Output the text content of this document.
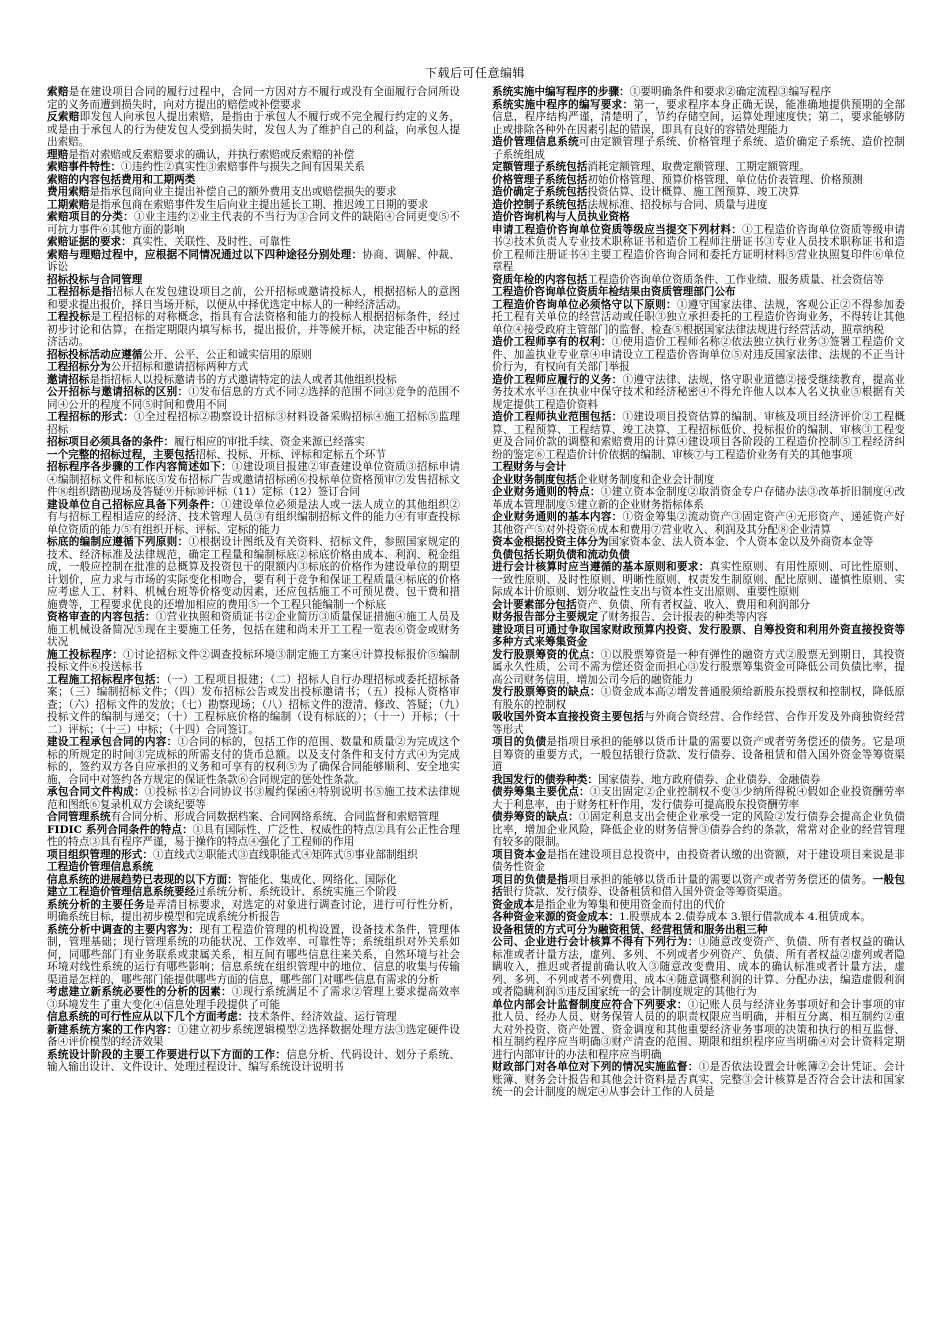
下载后可任意编辑

索赔是在建设项目合同的履行过程中，合同一方因对方不履行或没有全面履行合同所设定的义务而遭到损失时，向对方提出的赔偿或补偿要求

反索赔即发包人向承包人提出索赔，是指由于承包人不履行或不完全履行约定的义务，或是由于承包人的行为使发包人受到损失时，发包人为了维护自己的利益，向承包人提出索赔。

理赔是指对索赔或反索赔要求的确认，并执行索赔或反索赔的补偿

索赔事件特性：①违约性②真实性③索赔事件与损失之间有因果关系

索赔的内容包括费用和工期两类

费用索赔是指承包商向业主提出补偿自己的额外费用支出或赔偿损失的要求

工期索赔是指承包商在索赔事件发生后向业主提出延长工期、推迟竣工日期的要求

索赔项目的分类：①业主违约②业主代表的不当行为③合同文件的缺陷④合同更变⑤不可抗力事件⑥其他方面的影响

索赔证据的要求：真实性、关联性、及时性、可靠性

索赔与理赔过程中，应根据不同情况通过以下四种途径分别处理：协商、调解、仲裁、诉讼

招标投标与合同管理

工程招标是指招标人在发包建设项目之前，公开招标或邀请投标人，根据招标人的意图和要求提出报价，择日当场开标，以便从中择优选定中标人的一种经济活动。

工程投标是工程招标的对称概念，指具有合法资格和能力的投标人根据招标条件，经过初步讨论和估算，在指定期限内填写标书，提出报价，并等候开标，决定能否中标的经济活动。

招标投标活动应遵循公开、公平、公正和诚实信用的原则

工程招标分为公开招标和邀请招标两种方式

邀请招标是指招标人以投标邀请书的方式邀请特定的法人或者其他组织投标

公开招标与邀请招标的区别：①发布信息的方式不同②选择的范围不同③竞争的范围不同④公开的程度不同⑤时间和费用不同

工程招标的形式：①全过程招标②勘察设计招标③材料设备采购招标④施工招标⑤监理招标

招标项目必须具备的条件：履行相应的审批手续、资金来源已经落实

一个完整的招标过程，主要包括招标、投标、开标、评标和定标五个环节

招标程序各步骤的工作内容简述如下：①建设项目报建②审查建设单位资质③招标申请④编制招标文件和标底⑤发布招标广告或邀请招标函⑥投标单位资格预审⑦发售招标文件⑧组织踏勘现场及答疑⑨开标⑩评标（11）定标（12）签订合同

建设单位自己招标应具备下列条件：①建设单位必须是法人或一法人成立的其他组织②有与招标工程相适应的经济、技术管理人员③有组织编制招标文件的能力④有审查投标单位资质的能力⑤有组织开标、评标、定标的能力

标底的编制应遵循下列原则：①根据设计图纸及有关资料、招标文件，参照国家规定的技术、经济标准及法律规范，确定工程量和编制标底②标底价格由成本、利润、税金组成，一般应控制在批准的总概算及投资包干的限额内③标底的价格作为建设单位的期望计划价，应力求与市场的实际变化相吻合，要有利于竞争和保证工程质量④标底的价格应考虑人工、材料、机械台班等价格变动因素，还应包括施工不可预见费、包干费和措施费等，工程要求优良的还增加相应的费用⑤一个工程只能编制一个标底

资格审查的内容包括：①营业执照和资质证书②企业简历③质量保证措施④施工人员及施工机械设备简况⑤现在主要施工任务，包括在建和尚未开工工程一览表⑥资金或财务状况

施工投标程序：①讨论招标文件②调查投标环境③制定施工方案④计算投标报价⑤编制投标文件⑥投送标书

工程施工招标程序包括：（一）工程项目报建；（二）招标人自行办理招标或委托招标备案；（三）编制招标文件；（四）发布招标公告或发出投标邀请书；（五）投标人资格审查；（六）招标文件的发放；（七）勘察现场；（八）招标文件的澄清、修改、答疑；（九）投标文件的编制与递交；（十）工程标底价格的编制（设有标底的）；（十一）开标；（十二）评标；（十三）中标；（十四）合同签订。

建设工程承包合同的内容：①合同的标的，包括工作的范围、数量和质量②为完成这个标的所规定的时间③完成标的所需支付的货币总额。以及支付条件和支付方式④为完成标的，签约双方各自应承担的义务和可享有的权利⑤为了确保合同能够顺利、安全地实施，合同中对签约各方规定的保证性条款⑥合同规定的惩处性条款。

承包合同文件构成：①投标书②合同协议书③履约保函④特别说明书⑤施工技术法律规范和图纸⑥复录机双方会谈纪要等

合同管理系统有合同分析、形成合同数据档案、合同网络系统、合同监督和索赔管理

FIDIC 系列合同条件的特点：①具有国际性、广泛性、权威性的特点②具有公正性合理性的特点③具有程序严谨，易于操作的特点④强化了工程师的作用

项目组织管理的形式：①直线式②职能式③直线职能式④矩阵式⑤事业部制组织

工程造价管理信息系统

信息系统的进展趋势已表现的以下方面：智能化、集成化、网络化、国际化

建立工程造价管理信息系统要经过系统分析、系统设计、系统实施三个阶段

系统分析的主要任务是弄清目标要求，对选定的对象进行调查讨论，进行可行性分析，明确系统目标，提出初步模型和完成系统分析报告

系统分析中调查的主要内容为：现有工程造价管理的机构设置，设备技术条件，管理体制，管理基础；现行管理系统的功能状况、工作效率、可靠性等；系统组织对外关系如何，同哪些部门有业务联系或隶属关系，相互间有哪些信息往来关系，自然环境与社会环境对线性系统的运行有哪些影响；信息系统在组织管理中的地位、信息的收集与传输渠道是怎样的，哪些部门能提供哪些方面的信息，哪些部门对哪些信息有需求的分析

考虑建立新系统必要性的分析的因素：①现行系统满足不了需求②管理上要求提高效率③环境发生了重大变化④信息处理手段提供了可能

信息系统的可行性应从以下几个方面考虑：技术条件、经济效益、运行管理

新建系统方案的工作内容：①建立初步系统逻辑模型②选择数据处理方法③选定硬件设备④评价模型的经济效果

系统设计阶段的主要工作要进行以下方面的工作：信息分析、代码设计、划分子系统、输入输出设计、文件设计、处理过程设计、编写系统设计说明书

系统实施中编写程序的步骤：①要明确条件和要求②确定流程③编写程序

系统实施中程序的编写要求：第一，要求程序本身正确无误，能准确地提供预期的全部信息，程序结构严谨，清楚明了，节约存储空间，运算处理速度快；第二，要求能够防止或排除各种外在因素引起的错误，即具有良好的容错处理能力

造价管理信息系统可由定额管理子系统、价格管理子系统、造价确定子系统、造价控制子系统组成

定额管理子系统包括消耗定额管理、取费定额管理、工期定额管理。

价格管理子系统包括初始价格管理、预算价格管理、单位估价表管理、价格预测

造价确定子系统包括投资估算、设计概算、施工图预算、竣工决算

造价控制子系统包括法规标准、招投标与合同、质量与进度

造价咨询机构与人员执业资格

申请工程造价咨询单位资质等级应当提交下列材料：①工程造价咨询单位资质等级申请书②技术负责人专业技术职称证书和造价工程师注册证书③专业人员技术职称证书和造价工程师注册证书④主要工程造价咨询合同和委托方证明材料⑤营业执照复印件⑥单位章程

资质年检的内容包括工程造价咨询单位资质条件、工作业绩、服务质量、社会资信等

工程造价咨询单位资质年检结果由资质管理部门公布

工程造价咨询单位必须恪守以下原则：①遵守国家法律、法规，客观公正②不得参加委托工程有关单位的经营活动或任职③独立承担委托的工程造价咨询业务，不得转让其他单位④接受政府主管部门的监督、检查⑤根据国家法律法规进行经营活动，照章纳税

造价工程师享有的权利：①使用造价工程师名称②依法独立执行业务③签署工程造价文件、加盖执业专业章④申请设立工程造价咨询单位⑤对违反国家法律、法规的不正当计价行为，有权向有关部门举报

造价工程师应履行的义务：①遵守法律、法规，恪守职业道德②接受继续教育，提高业务技术水平③在执业中保守技术和经济秘密④不得允许他人以本人名义执业⑤根据有关规定提供工程造价资料

造价工程师执业范围包括：①建设项目投资估算的编制、审核及项目经济评价②工程概算、工程预算、工程结算、竣工决算、工程招标低价、投标报价的编制、审核③工程变更及合同价款的调整和索赔费用的计算④建设项目各阶段的工程造价控制⑤工程经济纠纷的鉴定⑥工程造价计价依据的编制、审核⑦与工程造价业务有关的其他事项

工程财务与会计

企业财务制度包括企业财务制度和企业会计制度

企业财务通则的特点：①建立资本金制度②取消资金专户存储办法③改革折旧制度④改革成本管理制度⑤建立新的企业财务指标体系

企业财务通则的基本内容：①资金筹集②流动资产③固定资产④无形资产、递延资产好其他资产⑤对外投资⑥成本和费用⑦营业收入、利润及其分配⑧企业清算

资本金根据投资主体分为国家资本金、法人资本金、个人资本金以及外商资本金等

负债包括长期负债和流动负债

进行会计核算时应当遵循的基本原则和要求：真实性原则、有用性原则、可比性原则、一致性原则、及时性原则、明晰性原则、权责发生制原则、配比原则、谨慎性原则、实际成本计价原则、划分收益性支出与资本性支出原则、重要性原则

会计要素部分包括资产、负债、所有者权益、收入、费用和利润部分

财务报告部分主要规定了财务报告、会计报表的种类等内容

建设项目可通过争取国家财政预算内投资、发行股票、自筹投资和利用外资直接投资等多种方式来筹集资金

发行股票筹资的优点：①以股票筹资是一种有弹性的融资方式②股票无到期日，其投资属永久性质，公司不需为偿还资金而担心③发行股票筹集资金可降低公司负债比率，提高公司财务信用，增加公司今后的融资能力

发行股票筹资的缺点：①资金成本高②增发普通股须给新股东投票权和控制权，降低原有股东的控制权

吸收国外资本直接投资主要包括与外商合资经营、合作经营、合作开发及外商独资经营等形式

项目的负债是指项目承担的能够以货币计量的需要以资产或者劳务偿还的债务。它是项目筹资的重要方式，一般包括银行贷款、发行债券、设备租赁和借入国外资金等筹资渠道

我国发行的债券种类：国家债券、地方政府债券、企业债券、金融债券

债券筹集主要优点：①支出固定②企业控制权不变③少纳所得税④假如企业投资酬劳率大于利息率，由于财务杠杆作用，发行债券可提高股东投资酬劳率

债券筹资的缺点：①固定利息支出会使企业承受一定的风险②发行债券会提高企业负债比率，增加企业风险，降低企业的财务信誉③债券合约的条款，常常对企业的经营管理有较多的限制。

项目资本金是指在建设项目总投资中，由投资者认缴的出资额，对于建设项目来说是非债务性资金

项目的负债是指项目承担的能够以货币计量的需要以资产或者劳务偿还的债务。一般包括银行贷款、发行债券、设备租赁和借入国外资金等筹资渠道。

资金成本是指企业为筹集和使用资金而付出的代价

各种资金来源的资金成本：1.股票成本 2.债券成本 3.银行借款成本 4.租赁成本。

设备租赁的方式可分为融资租赁、经营租赁和服务出租三种

公司、企业进行会计核算不得有下列行为：①随意改变资产、负债、所有者权益的确认标准或者计量方法，虚列、多列、不列或者少列资产、负债、所有者权益②虚列或者隐瞒收入，推迟或者提前确认收入③随意改变费用、成本的确认标准或者计量方法，虚列、多列、不列或者不列费用、成本④随意调整利润的计算、分配办法，编造虚假利润或者隐瞒利润⑤违反国家统一的会计制度规定的其他行为

单位内部会计监督制度应符合下列要求：①记账人员与经济业务事项好和会计事项的审批人员、经办人员、财务保管人员的的职责权限应当明确，并相互分离、相互制约②重大对外投资、资产处置、资金调度和其他重要经济业务事项的决策和执行的相互监督、相互制约程序应当明确③财产清查的范围、期限和组织程序应当明确④对会计资料定期进行内部审计的办法和程序应当明确

财政部门对各单位对下列的情况实施监督：①是否依法设置会计帐簿②会计凭证、会计账簿、财务会计报告和其他会计资料是否真实、完整③会计核算是否符合会计法和国家统一的会计制度的规定④从事会计工作的人员是
